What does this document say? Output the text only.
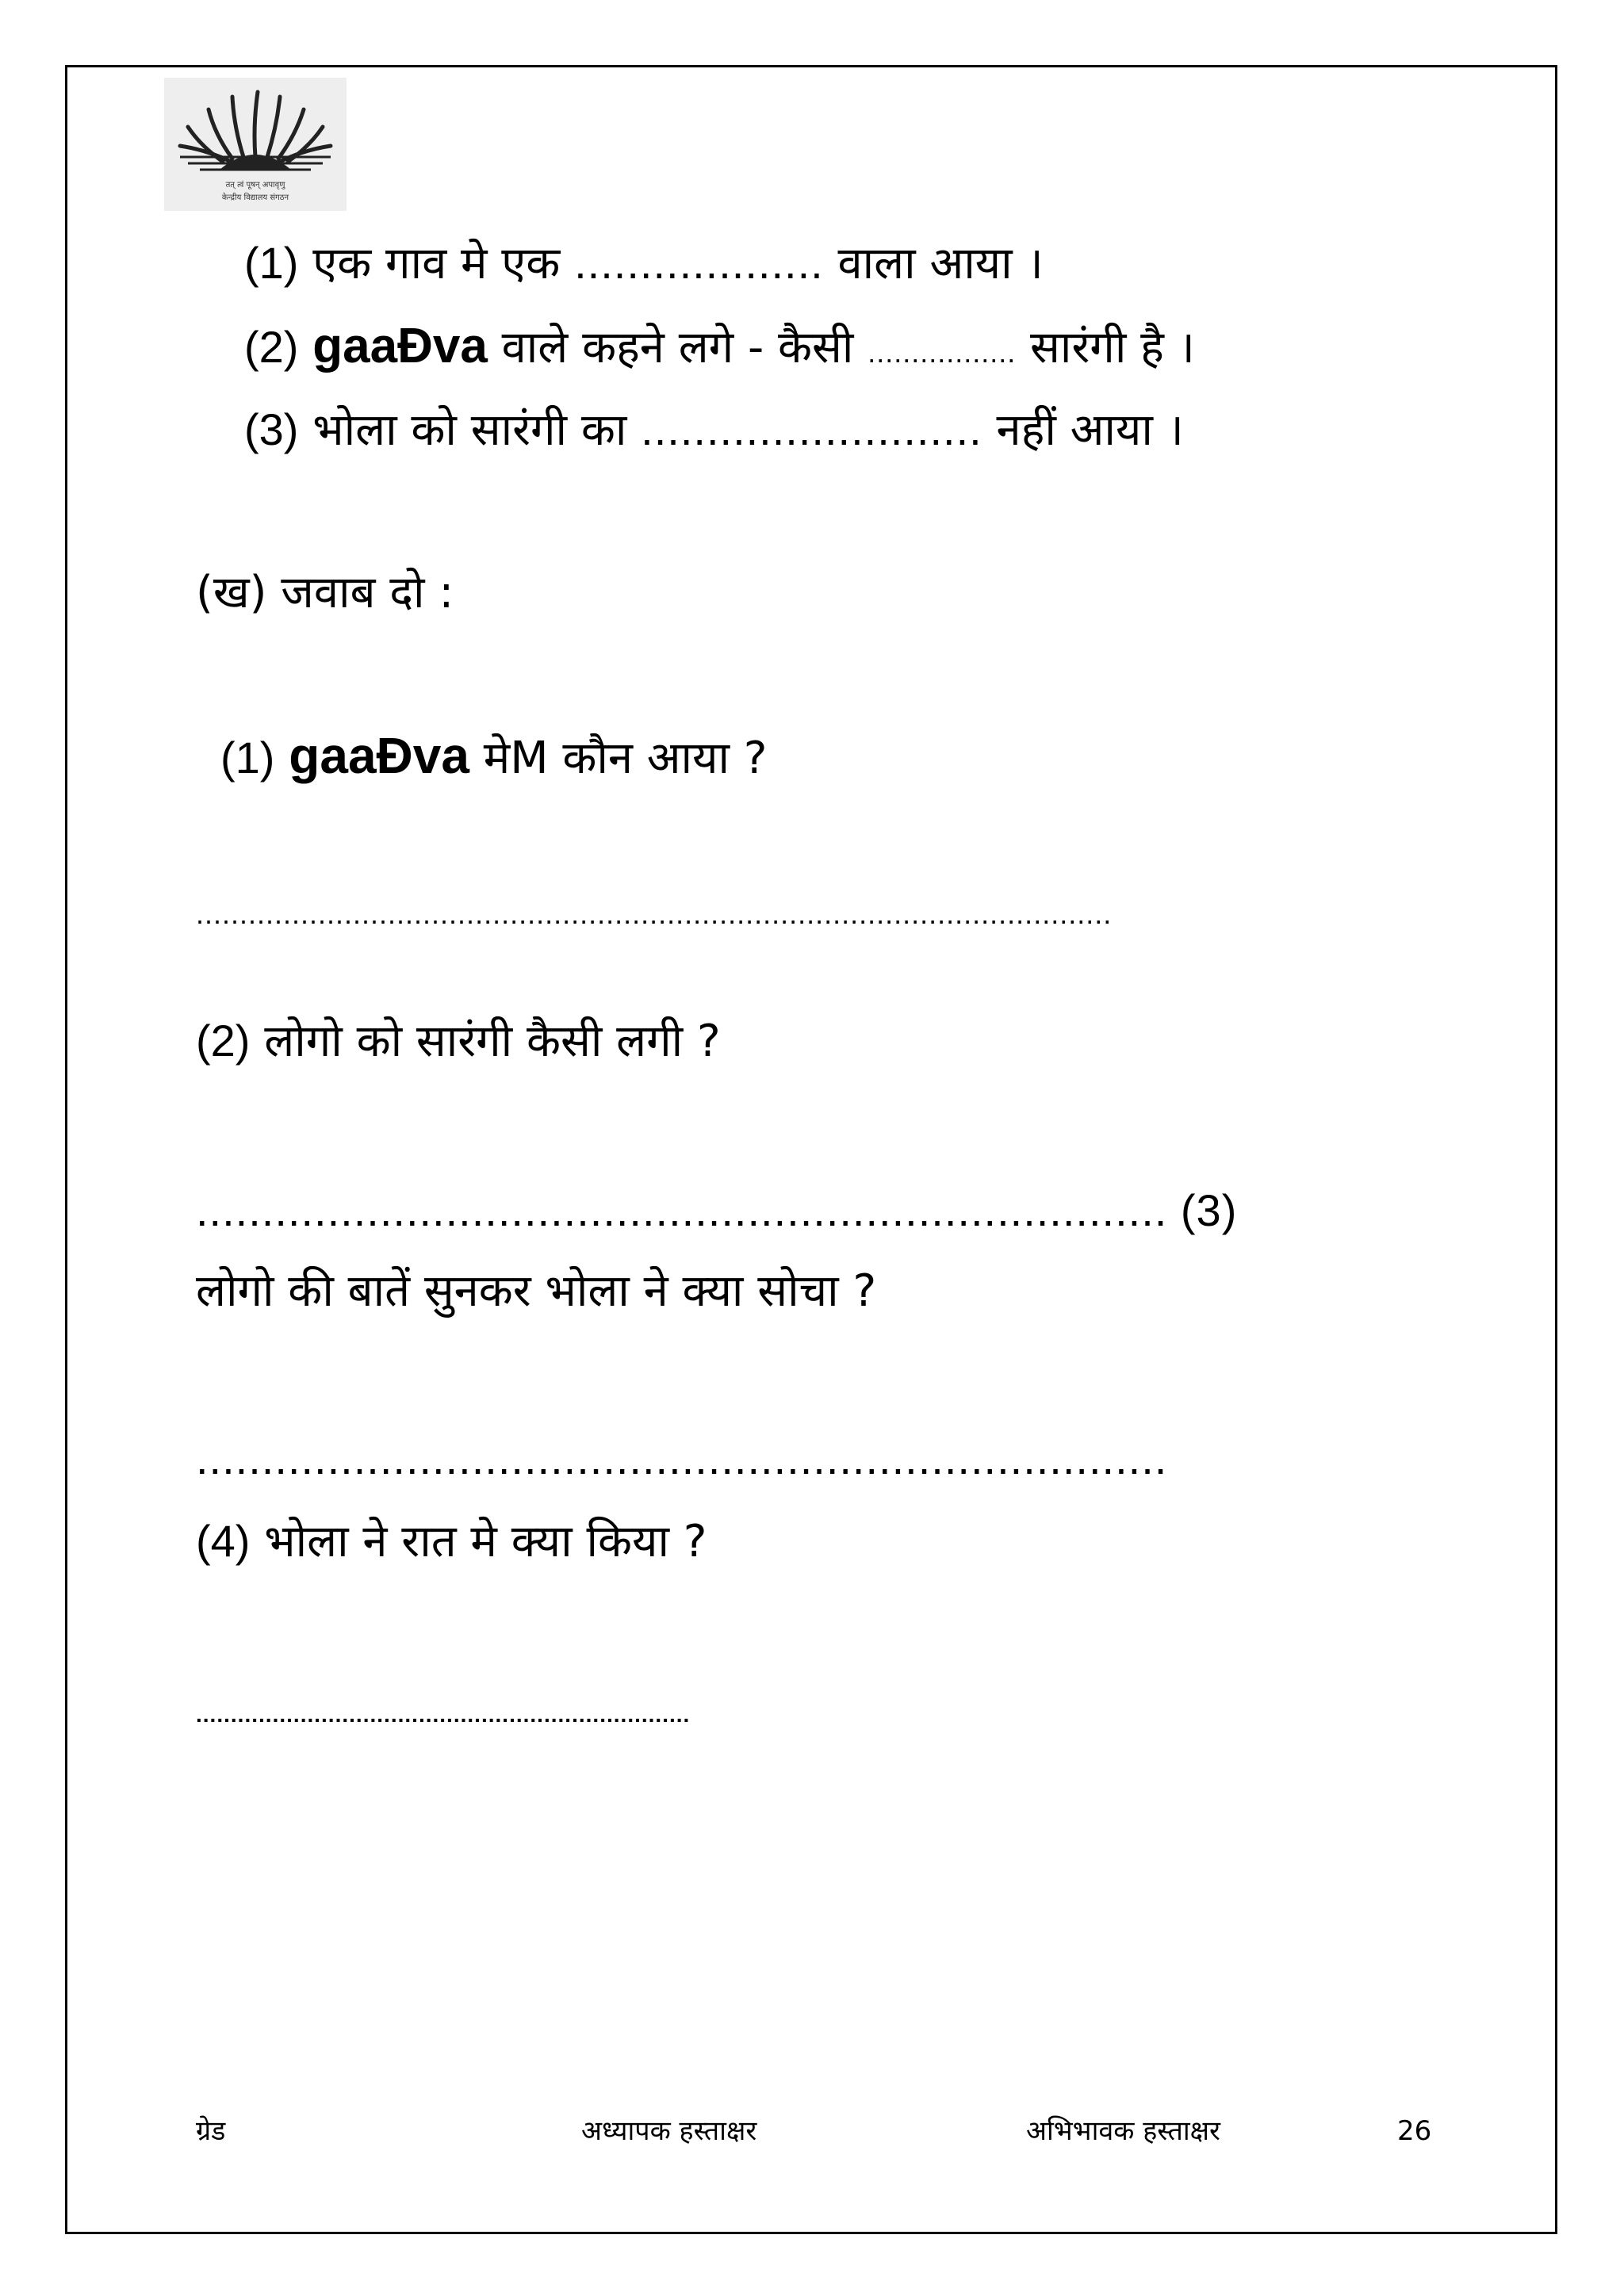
तत् त्वं पूषन् अपावृणु
केन्द्रीय विद्यालय संगठन
(1) एक गाव मे एक ................... वाला आया ।
(2) gaaÐva वाले कहने लगे - कैसी ................. सारंगी है ।
(3) भोला को सारंगी का .......................... नहीं आया ।
(ख) जवाब दो :
(1) gaaÐva मेM कौन आया ?
.........................................................................................................
(2) लोगो को सारंगी कैसी लगी ?
.......................................................................... (3)
लोगो की बातें सुनकर भोला ने क्या सोचा ?
..........................................................................
(4) भोला ने रात मे क्या किया ?
.......................................................................
ग्रेड	अध्यापक हस्ताक्षर	अभिभावक हस्ताक्षर	26
